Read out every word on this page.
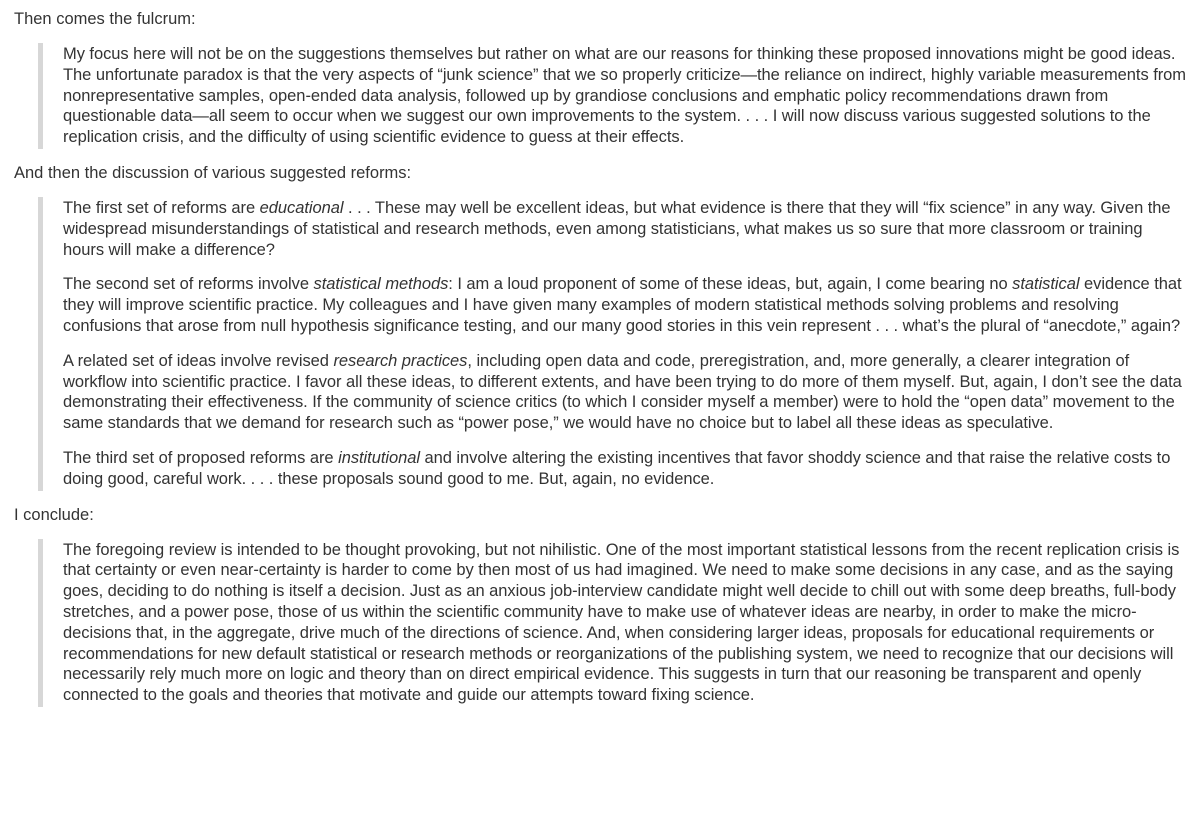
Then comes the fulcrum:

My focus here will not be on the suggestions themselves but rather on what are our reasons for thinking these proposed innovations might be good ideas. The unfortunate paradox is that the very aspects of “junk science” that we so properly criticize—the reliance on indirect, highly variable measurements from nonrepresentative samples, open-ended data analysis, followed up by grandiose conclusions and emphatic policy recommendations drawn from questionable data—all seem to occur when we suggest our own improvements to the system. . . . I will now discuss various suggested solutions to the replication crisis, and the difficulty of using scientific evidence to guess at their effects.

And then the discussion of various suggested reforms:

The first set of reforms are educational . . . These may well be excellent ideas, but what evidence is there that they will “fix science” in any way. Given the widespread misunderstandings of statistical and research methods, even among statisticians, what makes us so sure that more classroom or training hours will make a difference?

The second set of reforms involve statistical methods: I am a loud proponent of some of these ideas, but, again, I come bearing no statistical evidence that they will improve scientific practice. My colleagues and I have given many examples of modern statistical methods solving problems and resolving confusions that arose from null hypothesis significance testing, and our many good stories in this vein represent . . . what’s the plural of “anecdote,” again?

A related set of ideas involve revised research practices, including open data and code, preregistration, and, more generally, a clearer integration of workflow into scientific practice. I favor all these ideas, to different extents, and have been trying to do more of them myself. But, again, I don’t see the data demonstrating their effectiveness. If the community of science critics (to which I consider myself a member) were to hold the “open data” movement to the same standards that we demand for research such as “power pose,” we would have no choice but to label all these ideas as speculative.

The third set of proposed reforms are institutional and involve altering the existing incentives that favor shoddy science and that raise the relative costs to doing good, careful work. . . . these proposals sound good to me. But, again, no evidence.

I conclude:

The foregoing review is intended to be thought provoking, but not nihilistic. One of the most important statistical lessons from the recent replication crisis is that certainty or even near-certainty is harder to come by then most of us had imagined. We need to make some decisions in any case, and as the saying goes, deciding to do nothing is itself a decision. Just as an anxious job-interview candidate might well decide to chill out with some deep breaths, full-body stretches, and a power pose, those of us within the scientific community have to make use of whatever ideas are nearby, in order to make the micro-decisions that, in the aggregate, drive much of the directions of science. And, when considering larger ideas, proposals for educational requirements or recommendations for new default statistical or research methods or reorganizations of the publishing system, we need to recognize that our decisions will necessarily rely much more on logic and theory than on direct empirical evidence. This suggests in turn that our reasoning be transparent and openly connected to the goals and theories that motivate and guide our attempts toward fixing science.
